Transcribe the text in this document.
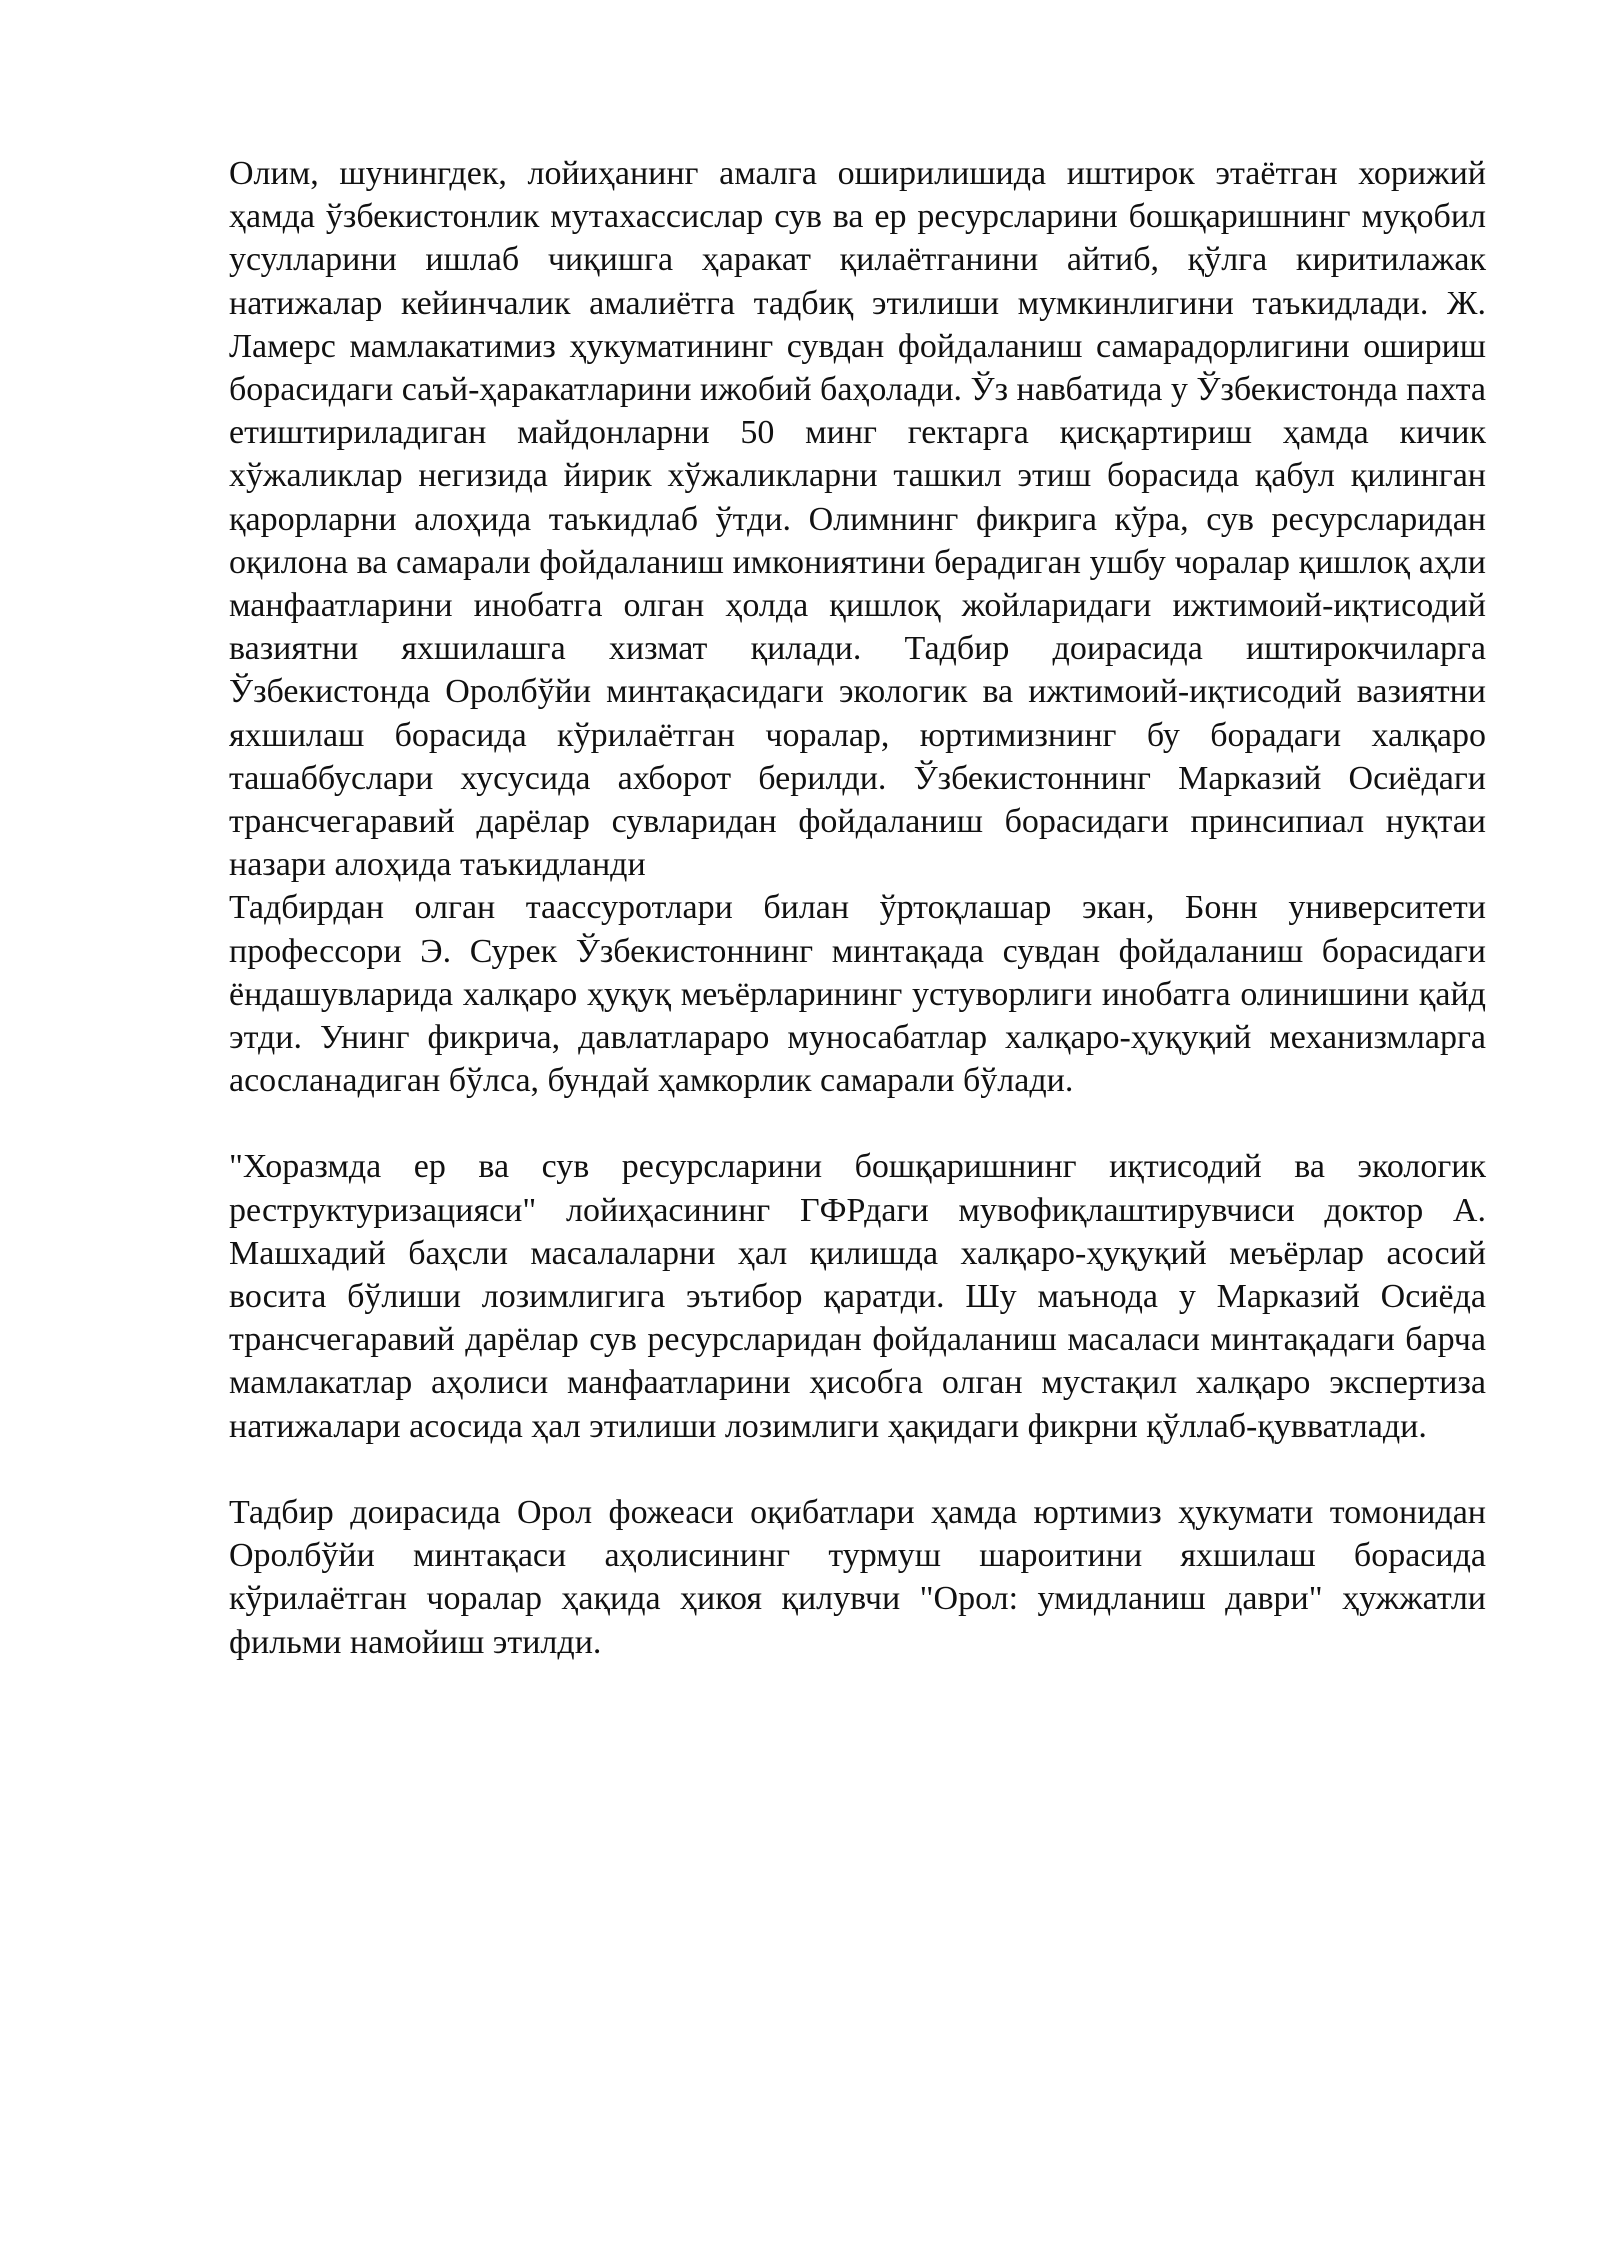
Олим, шунингдек, лойиҳанинг амалга оширилишида иштирок этаётган хорижий ҳамда ўзбекистонлик мутахассислар сув ва ер ресурсларини бошқаришнинг муқобил усулларини ишлаб чиқишга ҳаракат қилаётганини айтиб, қўлга киритилажак натижалар кейинчалик амалиётга тадбиқ этилиши мумкинлигини таъкидлади. Ж. Ламерс мамлакатимиз ҳукуматининг сувдан фойдаланиш самарадорлигини ошириш борасидаги саъй-ҳаракатларини ижобий баҳолади. Ўз навбатида у Ўзбекистонда пахта етиштириладиган майдонларни 50 минг гектарга қисқартириш ҳамда кичик хўжаликлар негизида йирик хўжаликларни ташкил этиш борасида қабул қилинган қарорларни алоҳида таъкидлаб ўтди. Олимнинг фикрига кўра, сув ресурсларидан оқилона ва самарали фойдаланиш имкониятини берадиган ушбу чоралар қишлоқ аҳли манфаатларини инобатга олган ҳолда қишлоқ жойларидаги ижтимоий-иқтисодий вазиятни яхшилашга хизмат қилади. Тадбир доирасида иштирокчиларга Ўзбекистонда Оролбўйи минтақасидаги экологик ва ижтимоий-иқтисодий вазиятни яхшилаш борасида кўрилаётган чоралар, юртимизнинг бу борадаги халқаро ташаббуслари хусусида ахборот берилди. Ўзбекистоннинг Марказий Осиёдаги трансчегаравий дарёлар сувларидан фойдаланиш борасидаги принсипиал нуқтаи назари алоҳида таъкидланди

Тадбирдан олган таассуротлари билан ўртоқлашар экан, Бонн университети профессори Э. Сурек Ўзбекистоннинг минтақада сувдан фойдаланиш борасидаги ёндашувларида халқаро ҳуқуқ меъёрларининг устуворлиги инобатга олинишини қайд этди. Унинг фикрича, давлатлараро муносабатлар халқаро-ҳуқуқий механизмларга асосланадиган бўлса, бундай ҳамкорлик самарали бўлади.

"Хоразмда ер ва сув ресурсларини бошқаришнинг иқтисодий ва экологик реструктуризацияси" лойиҳасининг ГФРдаги мувофиқлаштирувчиси доктор А. Машхадий баҳсли масалаларни ҳал қилишда халқаро-ҳуқуқий меъёрлар асосий восита бўлиши лозимлигига эътибор қаратди. Шу маънода у Марказий Осиёда трансчегаравий дарёлар сув ресурсларидан фойдаланиш масаласи минтақадаги барча мамлакатлар аҳолиси манфаатларини ҳисобга олган мустақил халқаро экспертиза натижалари асосида ҳал этилиши лозимлиги ҳақидаги фикрни қўллаб-қувватлади.

Тадбир доирасида Орол фожеаси оқибатлари ҳамда юртимиз ҳукумати томонидан Оролбўйи минтақаси аҳолисининг турмуш шароитини яхшилаш борасида кўрилаётган чоралар ҳақида ҳикоя қилувчи "Орол: умидланиш даври" ҳужжатли фильми намойиш этилди.
